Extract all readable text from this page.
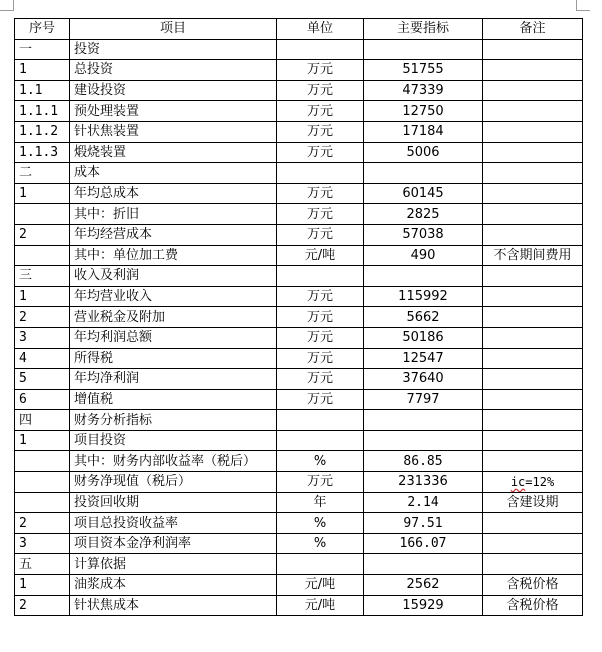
序号	项目	单位	主要指标	备注
一	投资			
1	总投资	万元	51755	
1.1	建设投资	万元	47339	
1.1.1	预处理装置	万元	12750	
1.1.2	针状焦装置	万元	17184	
1.1.3	煅烧装置	万元	5006	
二	成本			
1	年均总成本	万元	60145	
	其中：折旧	万元	2825	
2	年均经营成本	万元	57038	
	其中：单位加工费	元/吨	490	不含期间费用
三	收入及利润			
1	年均营业收入	万元	115992	
2	营业税金及附加	万元	5662	
3	年均利润总额	万元	50186	
4	所得税	万元	12547	
5	年均净利润	万元	37640	
6	增值税	万元	7797	
四	财务分析指标			
1	项目投资			
	其中：财务内部收益率（税后）	%	86.85	
	财务净现值（税后）	万元	231336	ic=12%
	投资回收期	年	2.14	含建设期
2	项目总投资收益率	%	97.51	
3	项目资本金净利润率	%	166.07	
五	计算依据			
1	油浆成本	元/吨	2562	含税价格
2	针状焦成本	元/吨	15929	含税价格
